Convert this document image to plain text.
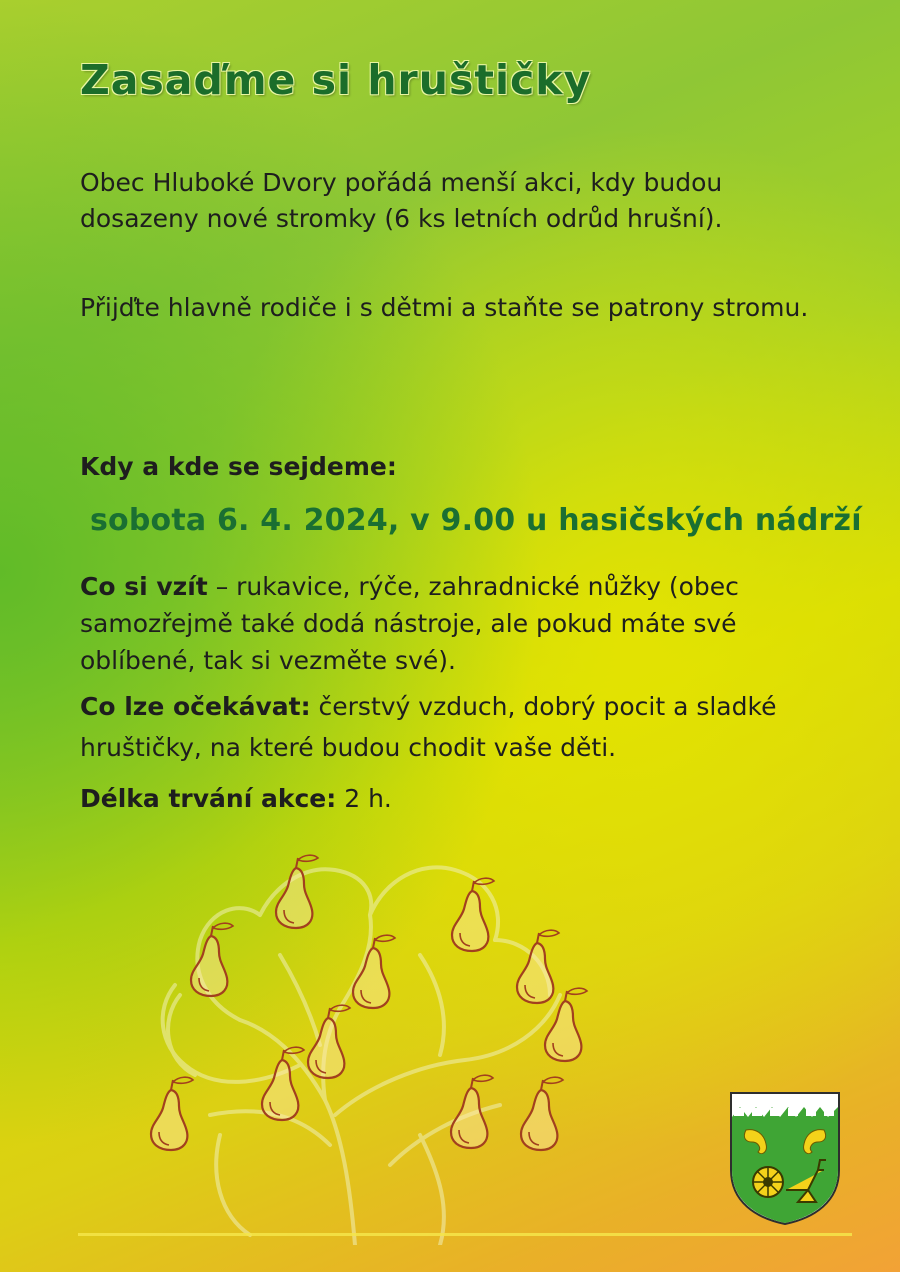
Zasaďme si hruštičky

Obec Hluboké Dvory pořádá menší akci, kdy budou dosazeny nové stromky (6 ks letních odrůd hrušní).

Přijďte hlavně rodiče i s dětmi a staňte se patrony stromu.

Kdy a kde se sejdeme:

sobota 6. 4. 2024, v 9.00 u hasičských nádrží

Co si vzít – rukavice, rýče, zahradnické nůžky (obec samozřejmě také dodá nástroje, ale pokud máte své oblíbené, tak si vezměte své).

Co lze očekávat: čerstvý vzduch, dobrý pocit a sladké hruštičky, na které budou chodit vaše děti.

Délka trvání akce: 2 h.
